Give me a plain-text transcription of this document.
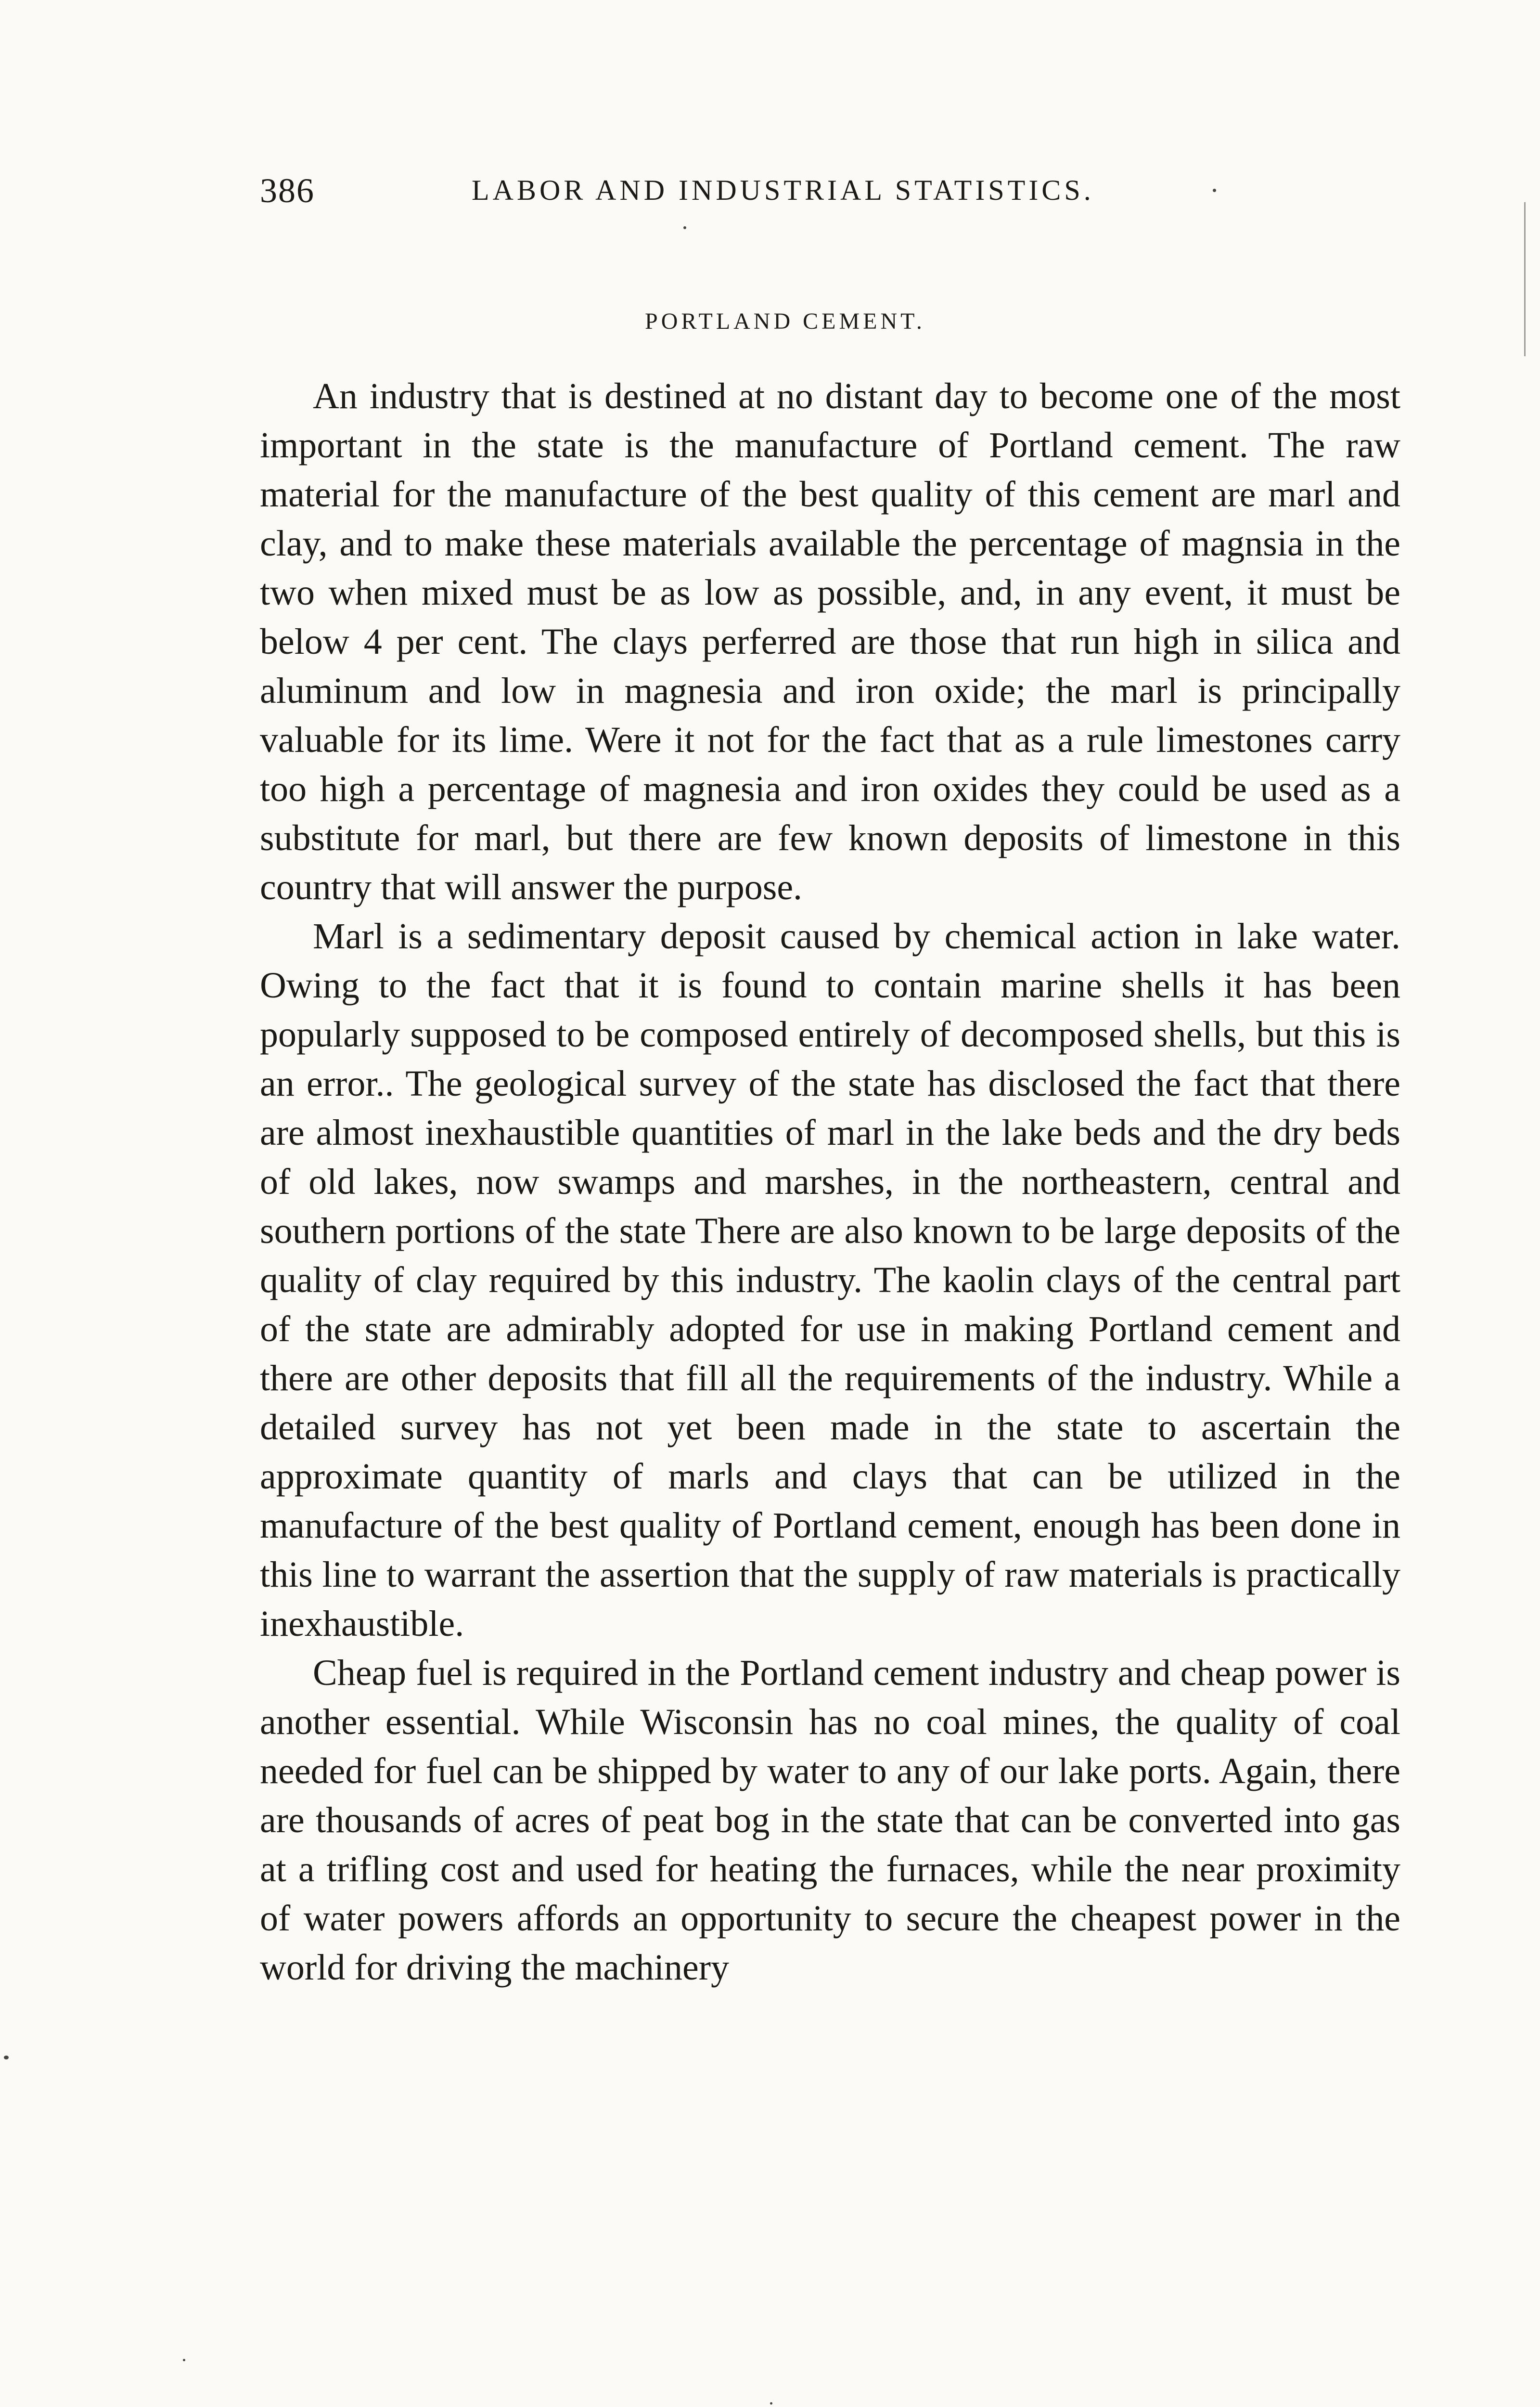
386	LABOR AND INDUSTRIAL STATISTICS.
PORTLAND CEMENT.

An industry that is destined at no distant day to become one of the most important in the state is the manufacture of Portland cement. The raw material for the manufacture of the best quality of this cement are marl and clay, and to make these materials available the percentage of magnsia in the two when mixed must be as low as possible, and, in any event, it must be below 4 per cent. The clays perferred are those that run high in silica and aluminum and low in magnesia and iron oxide; the marl is principally valuable for its lime. Were it not for the fact that as a rule limestones carry too high a percentage of magnesia and iron oxides they could be used as a substitute for marl, but there are few known deposits of limestone in this country that will answer the purpose.

Marl is a sedimentary deposit caused by chemical action in lake water. Owing to the fact that it is found to contain marine shells it has been popularly supposed to be composed entirely of decomposed shells, but this is an error.. The geological survey of the state has disclosed the fact that there are almost inexhaustible quantities of marl in the lake beds and the dry beds of old lakes, now swamps and marshes, in the northeastern, central and southern portions of the state There are also known to be large deposits of the quality of clay required by this industry. The kaolin clays of the central part of the state are admirably adopted for use in making Portland cement and there are other deposits that fill all the requirements of the industry. While a detailed survey has not yet been made in the state to ascertain the approximate quantity of marls and clays that can be utilized in the manufacture of the best quality of Portland cement, enough has been done in this line to warrant the assertion that the supply of raw materials is practically inexhaustible.

Cheap fuel is required in the Portland cement industry and cheap power is another essential. While Wisconsin has no coal mines, the quality of coal needed for fuel can be shipped by water to any of our lake ports. Again, there are thousands of acres of peat bog in the state that can be converted into gas at a trifling cost and used for heating the furnaces, while the near proximity of water powers affords an opportunity to secure the cheapest power in the world for driving the machinery
